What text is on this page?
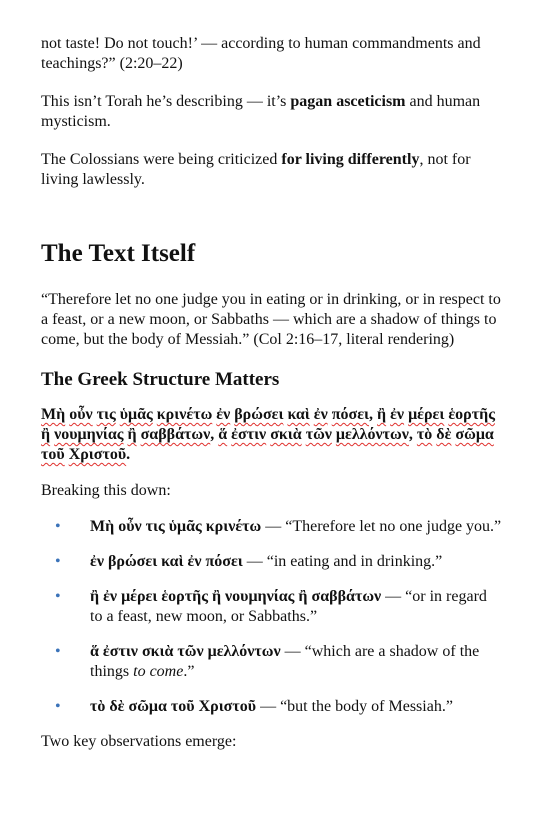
not taste! Do not touch!’ — according to human commandments and teachings?” (2:20–22)

This isn’t Torah he’s describing — it’s pagan asceticism and human mysticism.

The Colossians were being criticized for living differently, not for living lawlessly.

The Text Itself

“Therefore let no one judge you in eating or in drinking, or in respect to a feast, or a new moon, or Sabbaths — which are a shadow of things to come, but the body of Messiah.” (Col 2:16–17, literal rendering)

The Greek Structure Matters

Μὴ οὖν τις ὑμᾶς κρινέτω ἐν βρώσει καὶ ἐν πόσει, ἢ ἐν μέρει ἑορτῆς ἢ νουμηνίας ἢ σαββάτων, ἅ ἐστιν σκιὰ τῶν μελλόντων, τὸ δὲ σῶμα τοῦ Χριστοῦ.

Breaking this down:

• Μὴ οὖν τις ὑμᾶς κρινέτω — “Therefore let no one judge you.”
• ἐν βρώσει καὶ ἐν πόσει — “in eating and in drinking.”
• ἢ ἐν μέρει ἑορτῆς ἢ νουμηνίας ἢ σαββάτων — “or in regard to a feast, new moon, or Sabbaths.”
• ἅ ἐστιν σκιὰ τῶν μελλόντων — “which are a shadow of the things to come.”
• τὸ δὲ σῶμα τοῦ Χριστοῦ — “but the body of Messiah.”

Two key observations emerge:
